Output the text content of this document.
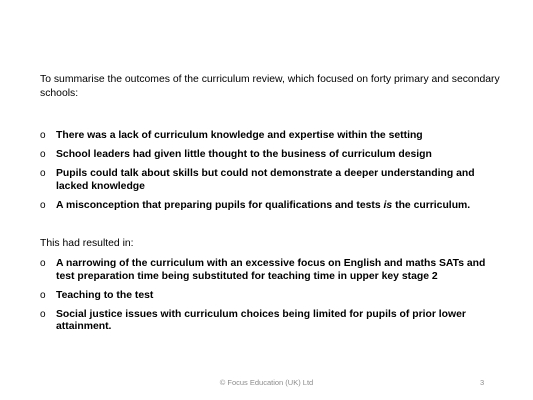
To summarise the outcomes of the curriculum review, which focused on forty primary and secondary schools:
o There was a lack of curriculum knowledge and expertise within the setting
o School leaders had given little thought to the business of curriculum design
o Pupils could talk about skills but could not demonstrate a deeper understanding and lacked knowledge
o A misconception that preparing pupils for qualifications and tests is the curriculum.
This had resulted in:
o A narrowing of the curriculum with an excessive focus on English and maths SATs and test preparation time being substituted for teaching time in upper key stage 2
o Teaching to the test
o Social justice issues with curriculum choices being limited for pupils of prior lower attainment.
© Focus Education (UK) Ltd	3
